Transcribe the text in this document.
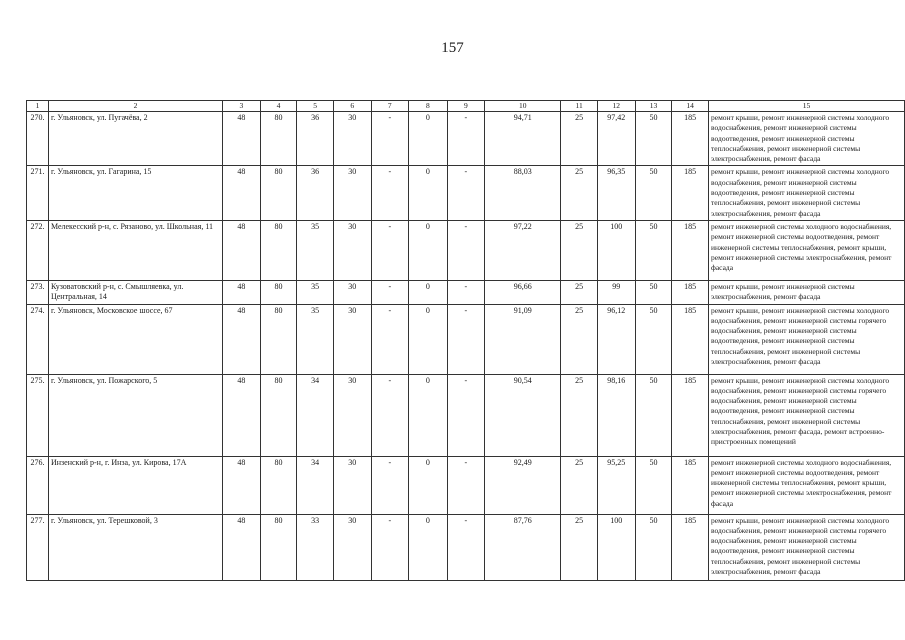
157
1	2	3	4	5	6	7	8	9	10	11	12	13	14	15
270.	г. Ульяновск, ул. Пугачёва, 2	48	80	36	30	-	0	-	94,71	25	97,42	50	185	ремонт крыши, ремонт инженерной системы холодного водоснабжения, ремонт инженерной системы водоотведения, ремонт инженерной системы теплоснабжения, ремонт инженерной системы электроснабжения, ремонт фасада
271.	г. Ульяновск, ул. Гагарина, 15	48	80	36	30	-	0	-	88,03	25	96,35	50	185	ремонт крыши, ремонт инженерной системы холодного водоснабжения, ремонт инженерной системы водоотведения, ремонт инженерной системы теплоснабжения, ремонт инженерной системы электроснабжения, ремонт фасада
272.	Мелекесский р-н, с. Рязаново, ул. Школьная, 11	48	80	35	30	-	0	-	97,22	25	100	50	185	ремонт инженерной системы холодного водоснабжения, ремонт инженерной системы водоотведения, ремонт инженерной системы теплоснабжения, ремонт крыши, ремонт инженерной системы электроснабжения, ремонт фасада
273.	Кузоватовский р-н, с. Смышляевка, ул. Центральная, 14	48	80	35	30	-	0	-	96,66	25	99	50	185	ремонт крыши, ремонт инженерной системы электроснабжения, ремонт фасада
274.	г. Ульяновск, Московское шоссе, 67	48	80	35	30	-	0	-	91,09	25	96,12	50	185	ремонт крыши, ремонт инженерной системы холодного водоснабжения, ремонт инженерной системы горячего водоснабжения, ремонт инженерной системы водоотведения, ремонт инженерной системы теплоснабжения, ремонт инженерной системы электроснабжения, ремонт фасада
275.	г. Ульяновск, ул. Пожарского, 5	48	80	34	30	-	0	-	90,54	25	98,16	50	185	ремонт крыши, ремонт инженерной системы холодного водоснабжения, ремонт инженерной системы горячего водоснабжения, ремонт инженерной системы водоотведения, ремонт инженерной системы теплоснабжения, ремонт инженерной системы электроснабжения, ремонт фасада, ремонт встроенно-пристроенных помещений
276.	Инзенский р-н, г. Инза, ул. Кирова, 17А	48	80	34	30	-	0	-	92,49	25	95,25	50	185	ремонт инженерной системы холодного водоснабжения, ремонт инженерной системы водоотведения, ремонт инженерной системы теплоснабжения, ремонт крыши, ремонт инженерной системы электроснабжения, ремонт фасада
277.	г. Ульяновск, ул. Терешковой, 3	48	80	33	30	-	0	-	87,76	25	100	50	185	ремонт крыши, ремонт инженерной системы холодного водоснабжения, ремонт инженерной системы горячего водоснабжения, ремонт инженерной системы водоотведения, ремонт инженерной системы теплоснабжения, ремонт инженерной системы электроснабжения, ремонт фасада
